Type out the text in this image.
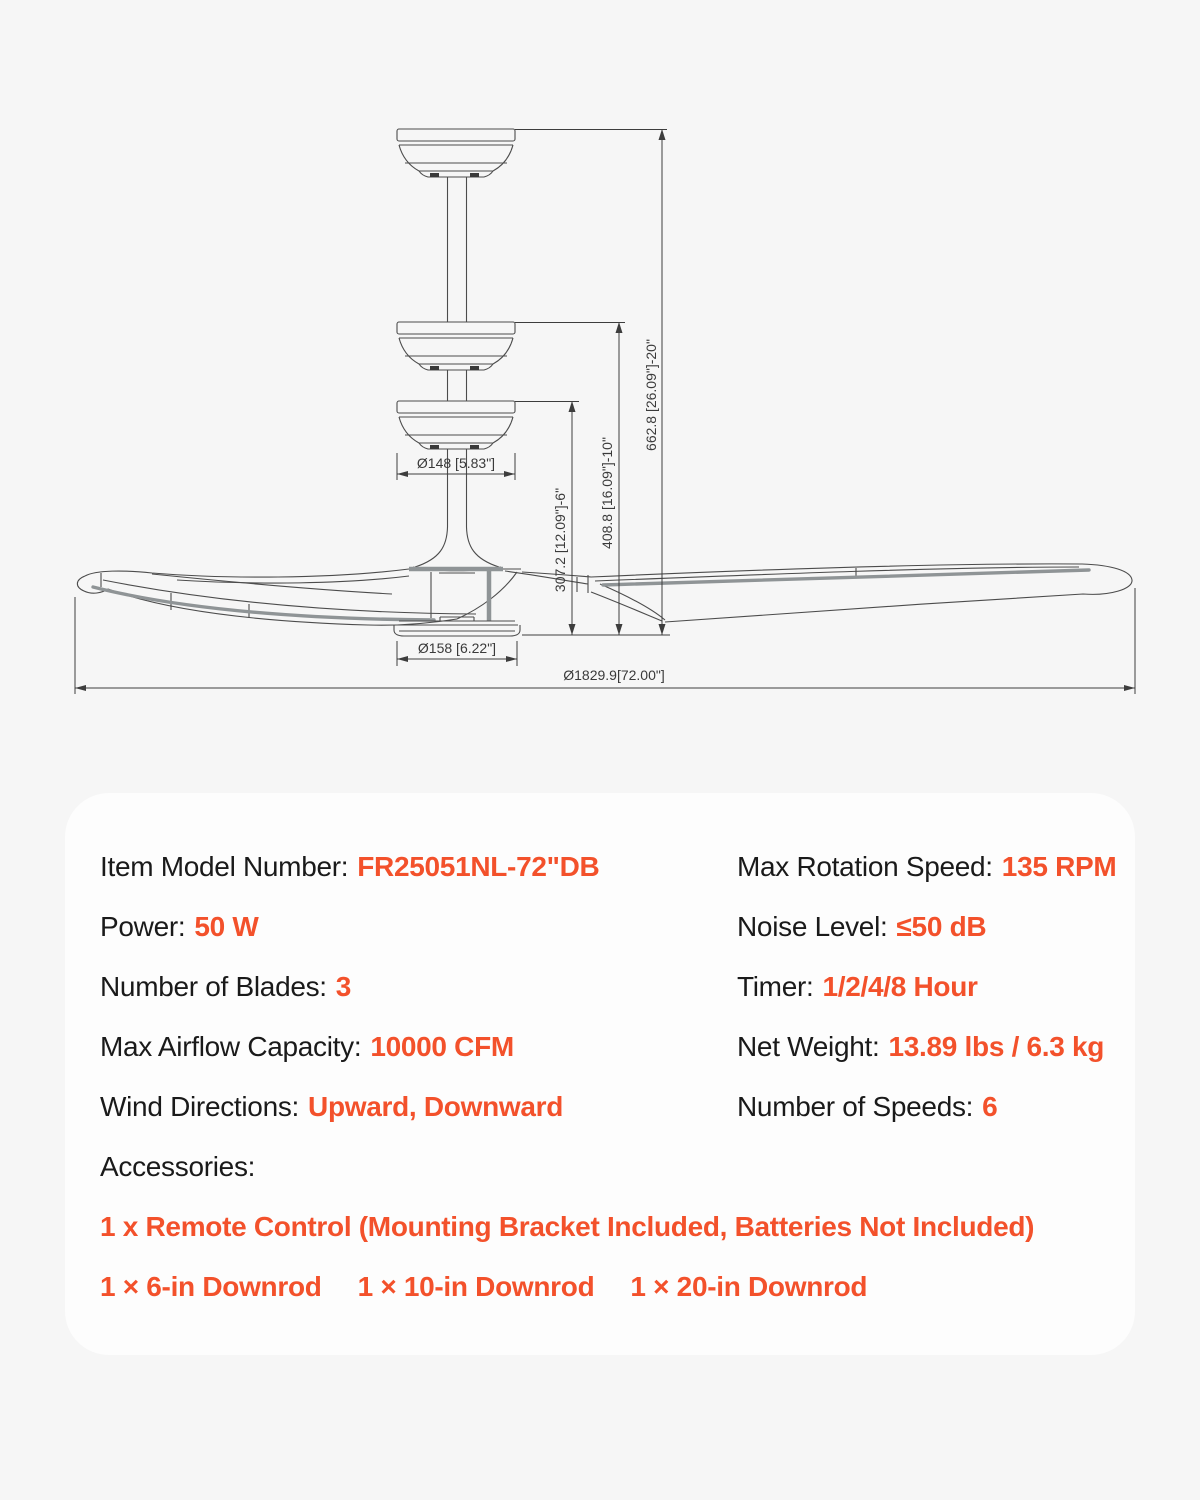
Ø148 [5.83"]
Ø158 [6.22"]
Ø1829.9[72.00"]
307.2 [12.09"]-6" 408.8 [16.09"]-10"
662.8 [26.09"]-20"
Item Model Number: FR25051NL-72"DB
Power: 50 W
Number of Blades: 3
Max Airflow Capacity: 10000 CFM
Wind Directions: Upward, Downward
Max Rotation Speed: 135 RPM
Noise Level: ≤50 dB
Timer: 1/2/4/8 Hour
Net Weight: 13.89 lbs / 6.3 kg
Number of Speeds: 6
Accessories:
1 x Remote Control (Mounting Bracket Included, Batteries Not Included)
1 × 6-in Downrod 1 × 10-in Downrod 1 × 20-in Downrod
